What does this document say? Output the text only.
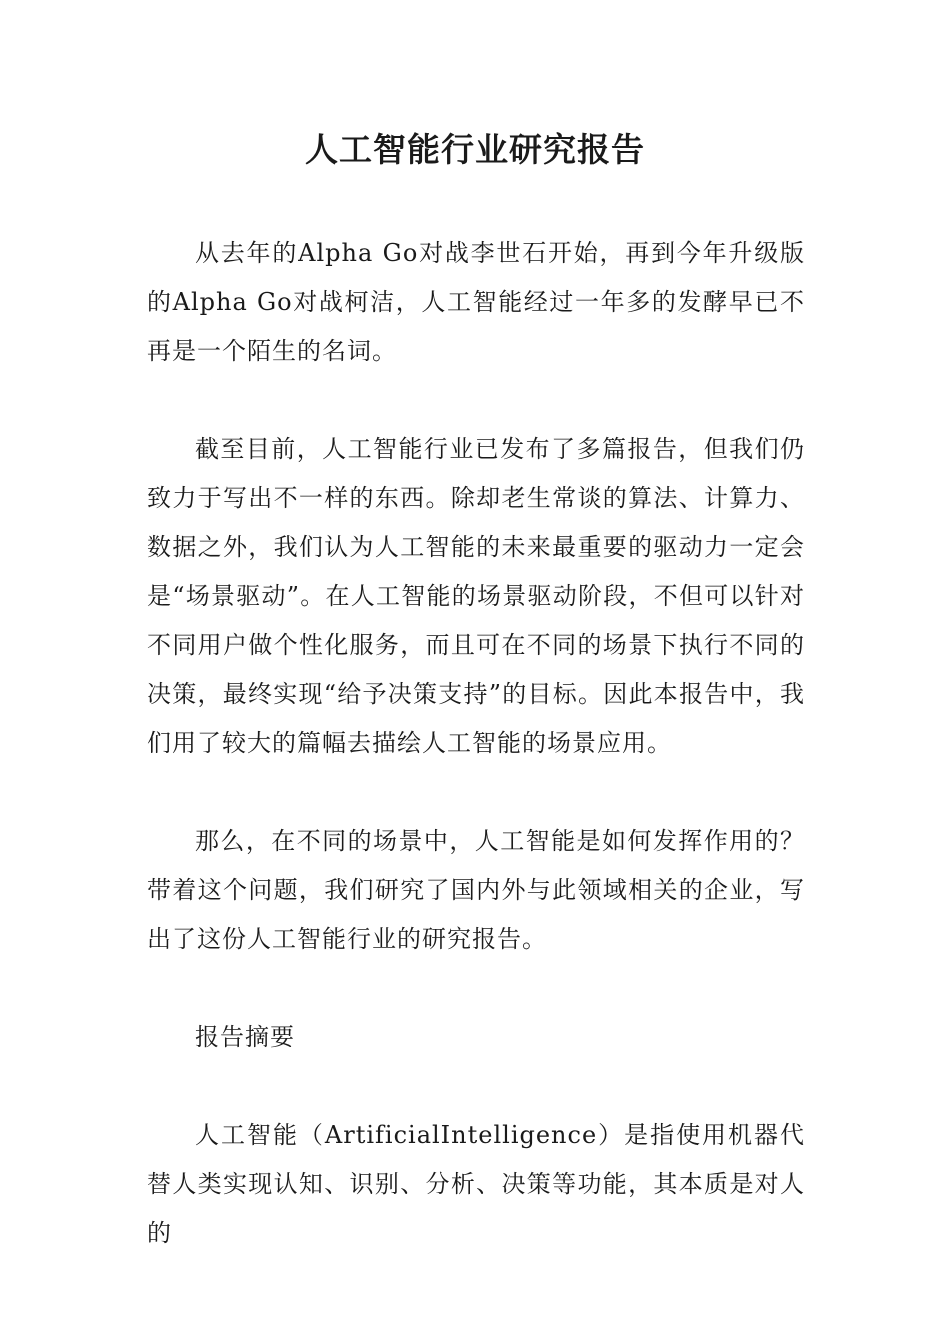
人工智能行业研究报告

从去年的Alpha Go对战李世石开始，再到今年升级版的Alpha Go对战柯洁，人工智能经过一年多的发酵早已不再是一个陌生的名词。

截至目前，人工智能行业已发布了多篇报告，但我们仍致力于写出不一样的东西。除却老生常谈的算法、计算力、数据之外，我们认为人工智能的未来最重要的驱动力一定会是“场景驱动”。在人工智能的场景驱动阶段，不但可以针对不同用户做个性化服务，而且可在不同的场景下执行不同的决策，最终实现“给予决策支持”的目标。因此本报告中，我们用了较大的篇幅去描绘人工智能的场景应用。

那么，在不同的场景中，人工智能是如何发挥作用的？带着这个问题，我们研究了国内外与此领域相关的企业，写出了这份人工智能行业的研究报告。

报告摘要

人工智能（ArtificialIntelligence）是指使用机器代替人类实现认知、识别、分析、决策等功能，其本质是对人的
